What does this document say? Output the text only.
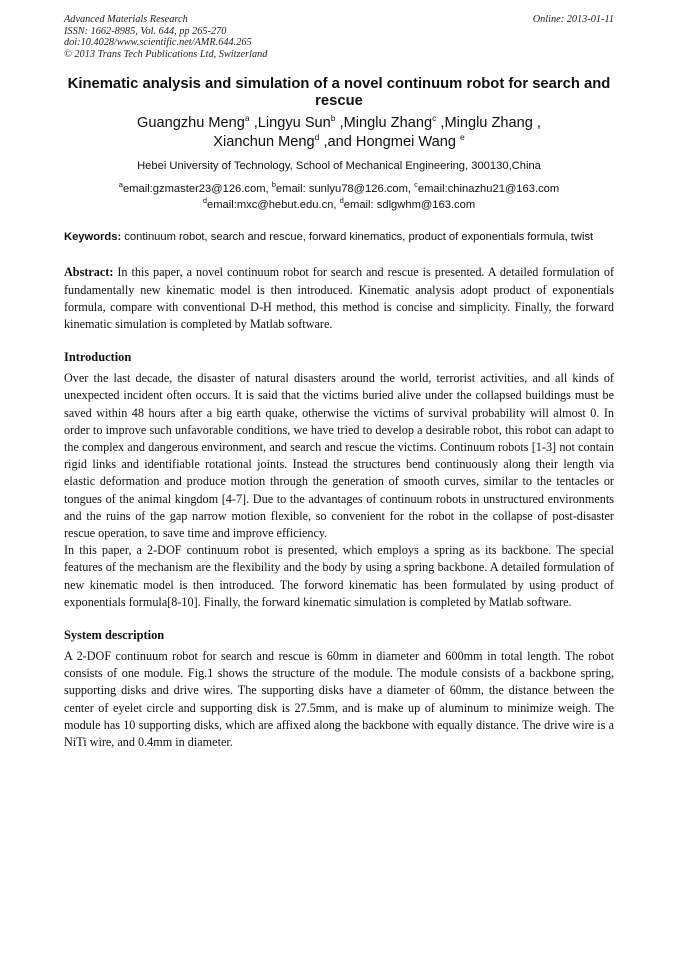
Advanced Materials Research
ISSN: 1662-8985, Vol. 644, pp 265-270
doi:10.4028/www.scientific.net/AMR.644.265
© 2013 Trans Tech Publications Ltd, Switzerland
Online: 2013-01-11
Kinematic analysis and simulation of a novel continuum robot for search and rescue
Guangzhu Meng$^a$ ,Lingyu Sun$^b$ ,Minglu Zhang$^c$ ,Minglu Zhang ,
Xianchun Meng$^d$ ,and Hongmei Wang $^e$
Hebei University of Technology, School of Mechanical Engineering, 300130,China
$^a$email:gzmaster23@126.com, $^b$email: sunlyu78@126.com, $^c$email:chinazhu21@163.com
$^d$email:mxc@hebut.edu.cn, $^d$email: sdlgwhm@163.com
Keywords: continuum robot, search and rescue, forward kinematics, product of exponentials formula, twist
Abstract: In this paper, a novel continuum robot for search and rescue is presented. A detailed formulation of fundamentally new kinematic model is then introduced. Kinematic analysis adopt product of exponentials formula, compare with conventional D-H method, this method is concise and simplicity. Finally, the forward kinematic simulation is completed by Matlab software.
Introduction

Over the last decade, the disaster of natural disasters around the world, terrorist activities, and all kinds of unexpected incident often occurs. It is said that the victims buried alive under the collapsed buildings must be saved within 48 hours after a big earth quake, otherwise the victims of survival probability will almost 0. In order to improve such unfavorable conditions, we have tried to develop a desirable robot, this robot can adapt to the complex and dangerous environment, and search and rescue the victims. Continuum robots [1-3] not contain rigid links and identifiable rotational joints. Instead the structures bend continuously along their length via elastic deformation and produce motion through the generation of smooth curves, similar to the tentacles or tongues of the animal kingdom [4-7]. Due to the advantages of continuum robots in unstructured environments and the ruins of the gap narrow motion flexible, so convenient for the robot in the collapse of post-disaster rescue operation, to save time and improve efficiency.

In this paper, a 2-DOF continuum robot is presented, which employs a spring as its backbone. The special features of the mechanism are the flexibility and the body by using a spring backbone. A detailed formulation of new kinematic model is then introduced. The forword kinematic has been formulated by using product of exponentials formula[8-10]. Finally, the forward kinematic simulation is completed by Matlab software.

System description

A 2-DOF continuum robot for search and rescue is 60mm in diameter and 600mm in total length. The robot consists of one module. Fig.1 shows the structure of the module. The module consists of a backbone spring, supporting disks and drive wires. The supporting disks have a diameter of 60mm, the distance between the center of eyelet circle and supporting disk is 27.5mm, and is make up of aluminum to minimize weigh. The module has 10 supporting disks, which are affixed along the backbone with equally distance. The drive wire is a NiTi wire, and 0.4mm in diameter.
